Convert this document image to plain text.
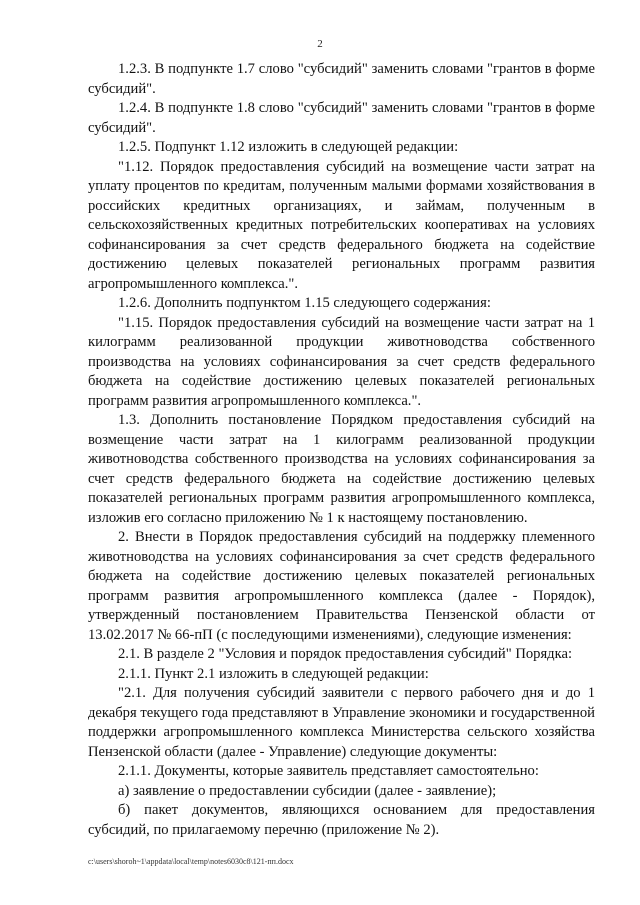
2

1.2.3. В подпункте 1.7 слово "субсидий" заменить словами "грантов в форме субсидий".

1.2.4. В подпункте 1.8 слово "субсидий" заменить словами "грантов в форме субсидий".

1.2.5. Подпункт 1.12 изложить в следующей редакции:

"1.12. Порядок предоставления субсидий на возмещение части затрат на уплату процентов по кредитам, полученным малыми формами хозяйствования в российских кредитных организациях, и займам, полученным в сельскохозяйственных кредитных потребительских кооперативах на условиях софинансирования за счет средств федерального бюджета на содействие достижению целевых показателей региональных программ развития агропромышленного комплекса.".

1.2.6. Дополнить подпунктом 1.15 следующего содержания:

"1.15. Порядок предоставления субсидий на возмещение части затрат на 1 килограмм реализованной продукции животноводства собственного производства на условиях софинансирования за счет средств федерального бюджета на содействие достижению целевых показателей региональных программ развития агропромышленного комплекса.".

1.3. Дополнить постановление Порядком предоставления субсидий на возмещение части затрат на 1 килограмм реализованной продукции животноводства собственного производства на условиях софинансирования за счет средств федерального бюджета на содействие достижению целевых показателей региональных программ развития агропромышленного комплекса, изложив его согласно приложению № 1 к настоящему постановлению.

2. Внести в Порядок предоставления субсидий на поддержку племенного животноводства на условиях софинансирования за счет средств федерального бюджета на содействие достижению целевых показателей региональных программ развития агропромышленного комплекса (далее - Порядок), утвержденный постановлением Правительства Пензенской области от 13.02.2017 № 66-пП (с последующими изменениями), следующие изменения:

2.1. В разделе 2 "Условия и порядок предоставления субсидий" Порядка:

2.1.1. Пункт 2.1 изложить в следующей редакции:

"2.1. Для получения субсидий заявители с первого рабочего дня и до 1 декабря текущего года представляют в Управление экономики и государственной поддержки агропромышленного комплекса Министерства сельского хозяйства Пензенской области (далее - Управление) следующие документы:

2.1.1. Документы, которые заявитель представляет самостоятельно:

а) заявление о предоставлении субсидии (далее - заявление);

б) пакет документов, являющихся основанием для предоставления субсидий, по прилагаемому перечню (приложение № 2).

c:\users\shoroh~1\appdata\local\temp\notes6030c8\121-пп.docx
